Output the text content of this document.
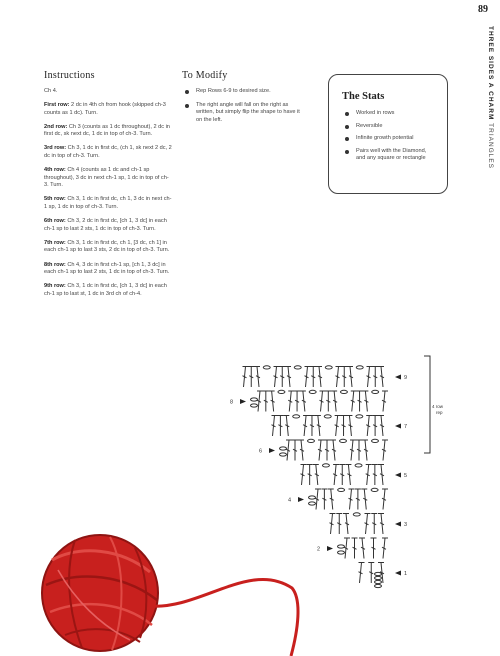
89
THREE SIDES A CHARM TRIANGLES
Instructions

Ch 4.

First row: 2 dc in 4th ch from hook (skipped ch-3 counts as 1 dc). Turn.

2nd row: Ch 3 (counts as 1 dc throughout), 2 dc in first dc, sk next dc, 1 dc in top of ch-3. Turn.

3rd row: Ch 3, 1 dc in first dc, (ch 1, sk next 2 dc, 2 dc in top of ch-3. Turn.

4th row: Ch 4 (counts as 1 dc and ch-1 sp throughout), 3 dc in next ch-1 sp, 1 dc in top of ch-3. Turn.

5th row: Ch 3, 1 dc in first dc, ch 1, 3 dc in next ch-1 sp, 1 dc in top of ch-3. Turn.

6th row: Ch 3, 2 dc in first dc, [ch 1, 3 dc] in each ch-1 sp to last 2 sts, 1 dc in top of ch-3. Turn.

7th row: Ch 3, 1 dc in first dc, ch 1, [3 dc, ch 1] in each ch-1 sp to last 3 sts, 2 dc in top of ch-3. Turn.

8th row: Ch 4, 3 dc in first ch-1 sp, [ch 1, 3 dc] in each ch-1 sp to last 2 sts, 1 dc in top of ch-3. Turn.

9th row: Ch 3, 1 dc in first dc, [ch 1, 3 dc] in each ch-1 sp to last st, 1 dc in 3rd ch of ch-4.

To Modify
Rep Rows 6-9 to desired size.
The right angle will fall on the right as written, but simply flip the shape to have it on the left.
The Stats
Worked in rows
Reversible
Infinite growth potential
Pairs well with the Diamond, and any square or rectangle
1
2
3
4
5
6
7
8
9
4 row
rep
